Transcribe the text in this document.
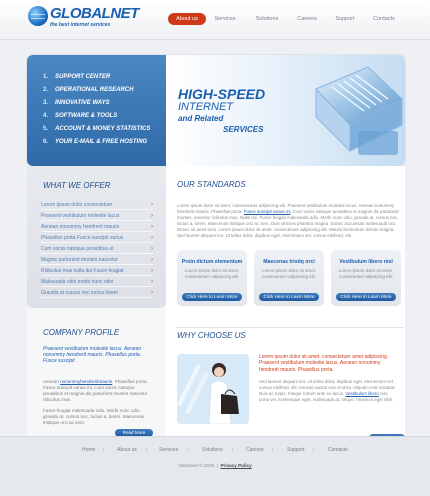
GLOBALNET
the best internet services
About us	Services	Solutions	Careers	Support	Contacts
1. SUPPORT CENTER
2. OPERATIONAL RESEARCH
3. INNOVATIVE WAYS
4. SOFTWARE & TOOLS
5. ACCOUNT & MONEY STATISTICS
6. YOUR E-MAIL & FREE HOSTING
HIGH-SPEED
INTERNET
and Related
SERVICES
WHAT WE OFFER
Lorem ipsum dolor consectetuer	›
Praesent vestibulum molestie lacus	›
Aenean nonummy hendrerit mauris	›
Phasellus porta Fusce suscipit varius	›
Cum sociis natoque penatibus et	›
Magnis parturient montes nascetur	›
Ridiculus mus nulla dui Fusce feugiat	›
Malesuada odio morbi nunc odio	›
Gravida at cursus nec luctus lorem	›
COMPANY PROFILE
Praesent vestibulum molestie lacus. Aenean nonummy hendrerit mauris. Phasellus porta. Fusce suscipit
Aenean nonummyhendreritmauris. Phasellus porta. Fusce suscipit varius mi. Cum sociis natoque penatibus et magnis dis parturient montes nascetur ridiculus mus.
Fusce feugiat malesuada odio. Morbi nunc odio, gravida at, cursus nec, luctus a, lorem. Maecenas tristique orci ac sem.
Read More
OUR STANDARDS
Lorem ipsum dolor sit amet, consectetuer adipiscing elit. Praesent vestibulum molestie lacus. Aenean nonummy hendrerit mauris. Phasellus porta. Fusce suscipit varius mi. Cum sociis natoque penatibus et magnis dis parturient montes, nascetur ridiculus mus. Nulla dui. Fusce feugiat malesuada odio. Morbi nunc odio, gravida at, cursus nec, luctus a, lorem. Maecenas tristique orci ac sem. Duis ultricies pharetra magna. Donec accumsan malesuada orci. Donec sit amet eros. Lorem ipsum dolor sit amet, consectetuer adipiscing elit. Mauris fermentum dictum magna. Sed laoreet aliquam leo. Ut tellus dolor, dapibus eget, elementum vel, cursus eleifend, elit.
Proin dictum elementum
Lorem ipsum dolor sit amet, consectetuer adipiscing elit.
Click Here to Learn More
Maecenas tristiq orci
Lorem ipsum dolor sit amet, consectetuer adipiscing elit.
Click Here to Learn More
Vestibulum libero nisl
Lorem ipsum dolor sit amet, consectetuer adipiscing elit.
Click Here to Learn More
WHY CHOOSE US
Lorem ipsum dolor sit amet, consectetuer amet adipiscing. Praesent vestibulum molestie lacus. Aenean nonummy hendrerit mauris. Phasellus porta.
Sed laoreet aliquam leo. Ut tellus dolor, dapibus eget, elementum vel, cursus eleifend, elit. Aenean auctor wisi et urna. Aliquam erat volutpat. Duis ac turpis. Integer rutrum ante eu lacus. Vestibulum libero nisl, porta vel, scelerisque eget, malesuada at, neque. Vivamus eget nibh.
Home |	About us | Services |	Solutions |	Careers |	Support |	Contacts
Globalnet © 2009  |  Privacy Policy
